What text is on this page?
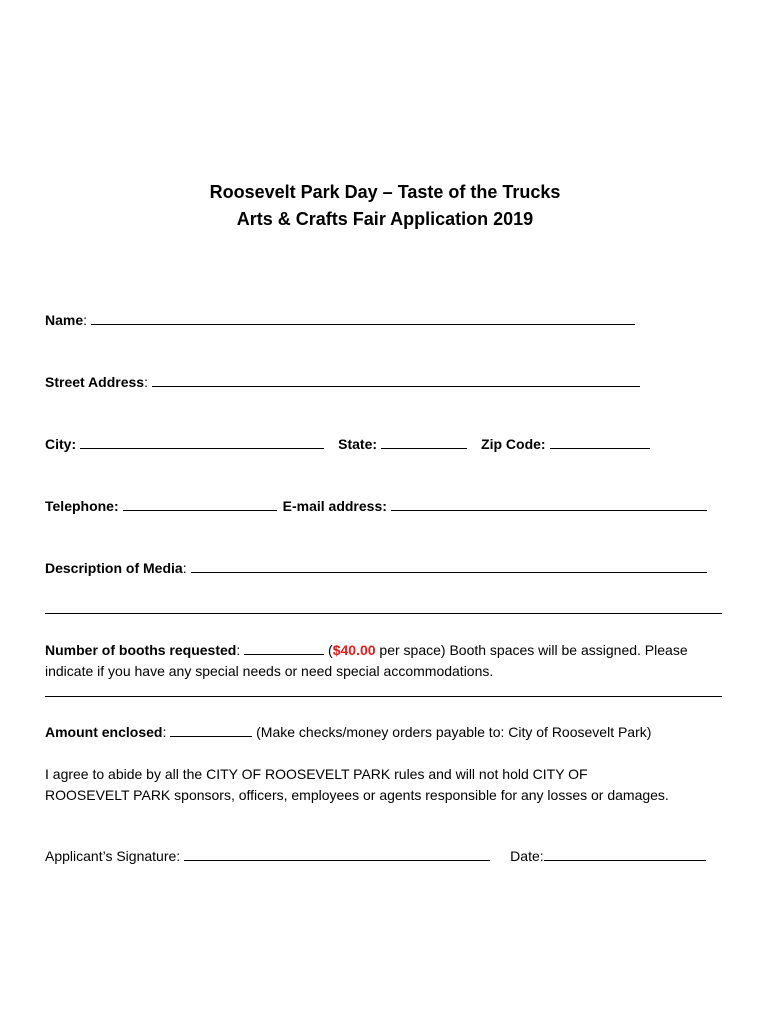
Roosevelt Park Day – Taste of the Trucks
Arts & Crafts Fair Application 2019
Name:
Street Address:
City:	State:	Zip Code:
Telephone:	E-mail address:
Description of Media:
Number of booths requested:	($40.00 per space) Booth spaces will be assigned. Please
indicate if you have any special needs or need special accommodations.
Amount enclosed:	(Make checks/money orders payable to: City of Roosevelt Park)
I agree to abide by all the CITY OF ROOSEVELT PARK rules and will not hold CITY OF
ROOSEVELT PARK sponsors, officers, employees or agents responsible for any losses or damages.
Applicant’s Signature:	Date:
